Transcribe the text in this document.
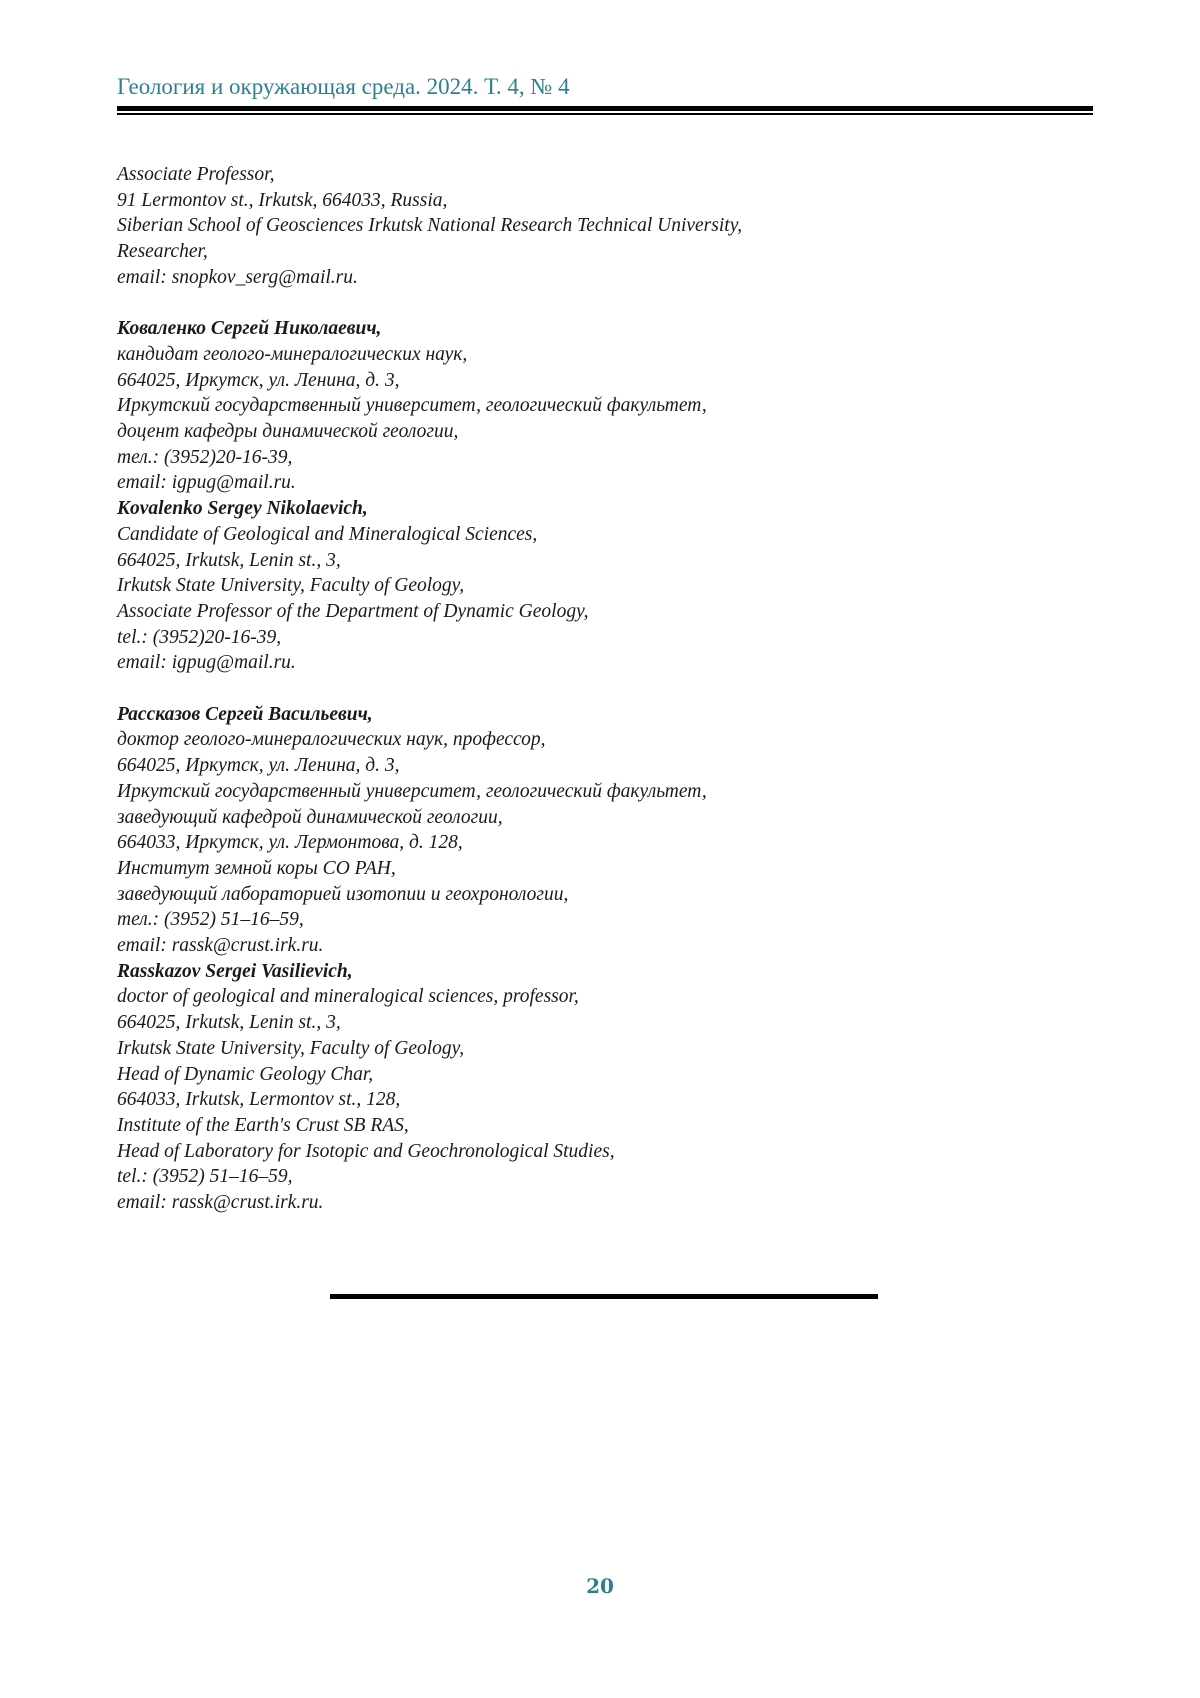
Геология и окружающая среда. 2024. Т. 4, № 4
Associate Professor,
91 Lermontov st., Irkutsk, 664033, Russia,
Siberian School of Geosciences Irkutsk National Research Technical University,
Researcher,
email: snopkov_serg@mail.ru.
Коваленко Сергей Николаевич,
кандидат геолого-минералогических наук,
664025, Иркутск, ул. Ленина, д. 3,
Иркутский государственный университет, геологический факультет,
доцент кафедры динамической геологии,
тел.: (3952)20-16-39,
email: igpug@mail.ru.
Kovalenko Sergey Nikolaevich,
Candidate of Geological and Mineralogical Sciences,
664025, Irkutsk, Lenin st., 3,
Irkutsk State University, Faculty of Geology,
Associate Professor of the Department of Dynamic Geology,
tel.: (3952)20-16-39,
email: igpug@mail.ru.
Рассказов Сергей Васильевич,
доктор геолого-минералогических наук, профессор,
664025, Иркутск, ул. Ленина, д. 3,
Иркутский государственный университет, геологический факультет,
заведующий кафедрой динамической геологии,
664033, Иркутск, ул. Лермонтова, д. 128,
Институт земной коры СО РАН,
заведующий лабораторией изотопии и геохронологии,
тел.: (3952) 51–16–59,
email: rassk@crust.irk.ru.
Rasskazov Sergei Vasilievich,
doctor of geological and mineralogical sciences, professor,
664025, Irkutsk, Lenin st., 3,
Irkutsk State University, Faculty of Geology,
Head of Dynamic Geology Char,
664033, Irkutsk, Lermontov st., 128,
Institute of the Earth's Crust SB RAS,
Head of Laboratory for Isotopic and Geochronological Studies,
tel.: (3952) 51–16–59,
email: rassk@crust.irk.ru.
20
